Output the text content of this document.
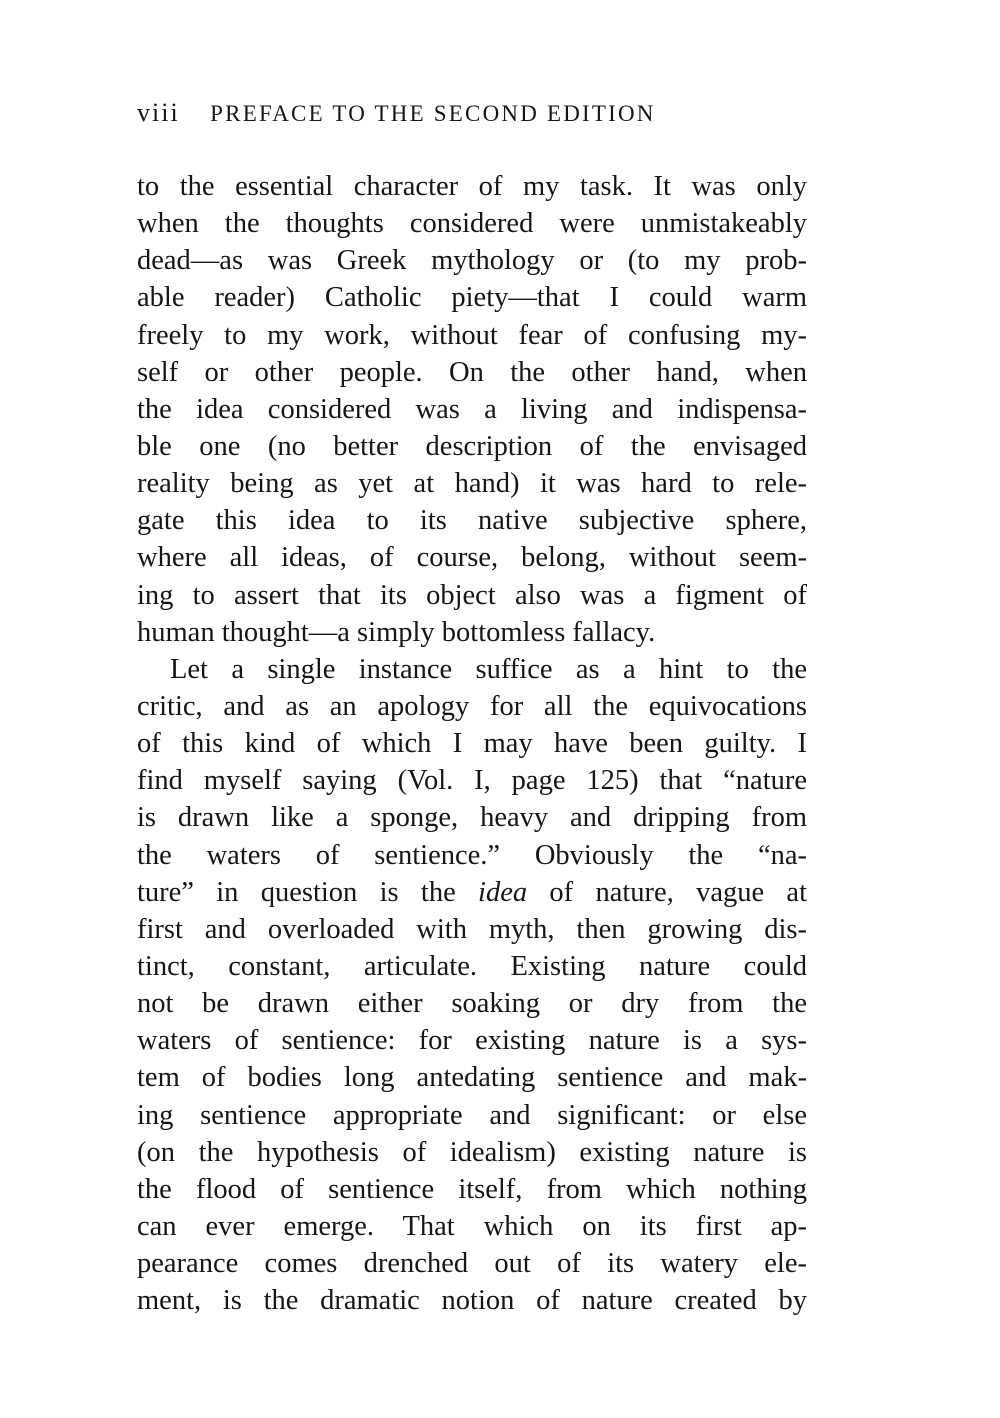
viii PREFACE TO THE SECOND EDITION
to the essential character of my task. It was only
when the thoughts considered were unmistakeably
dead—as was Greek mythology or (to my prob-
able reader) Catholic piety—that I could warm
freely to my work, without fear of confusing my-
self or other people. On the other hand, when
the idea considered was a living and indispensa-
ble one (no better description of the envisaged
reality being as yet at hand) it was hard to rele-
gate this idea to its native subjective sphere,
where all ideas, of course, belong, without seem-
ing to assert that its object also was a figment of
human thought—a simply bottomless fallacy.
Let a single instance suffice as a hint to the
critic, and as an apology for all the equivocations
of this kind of which I may have been guilty. I
find myself saying (Vol. I, page 125) that “nature
is drawn like a sponge, heavy and dripping from
the waters of sentience.” Obviously the “na-
ture” in question is the idea of nature, vague at
first and overloaded with myth, then growing dis-
tinct, constant, articulate. Existing nature could
not be drawn either soaking or dry from the
waters of sentience: for existing nature is a sys-
tem of bodies long antedating sentience and mak-
ing sentience appropriate and significant: or else
(on the hypothesis of idealism) existing nature is
the flood of sentience itself, from which nothing
can ever emerge. That which on its first ap-
pearance comes drenched out of its watery ele-
ment, is the dramatic notion of nature created by
